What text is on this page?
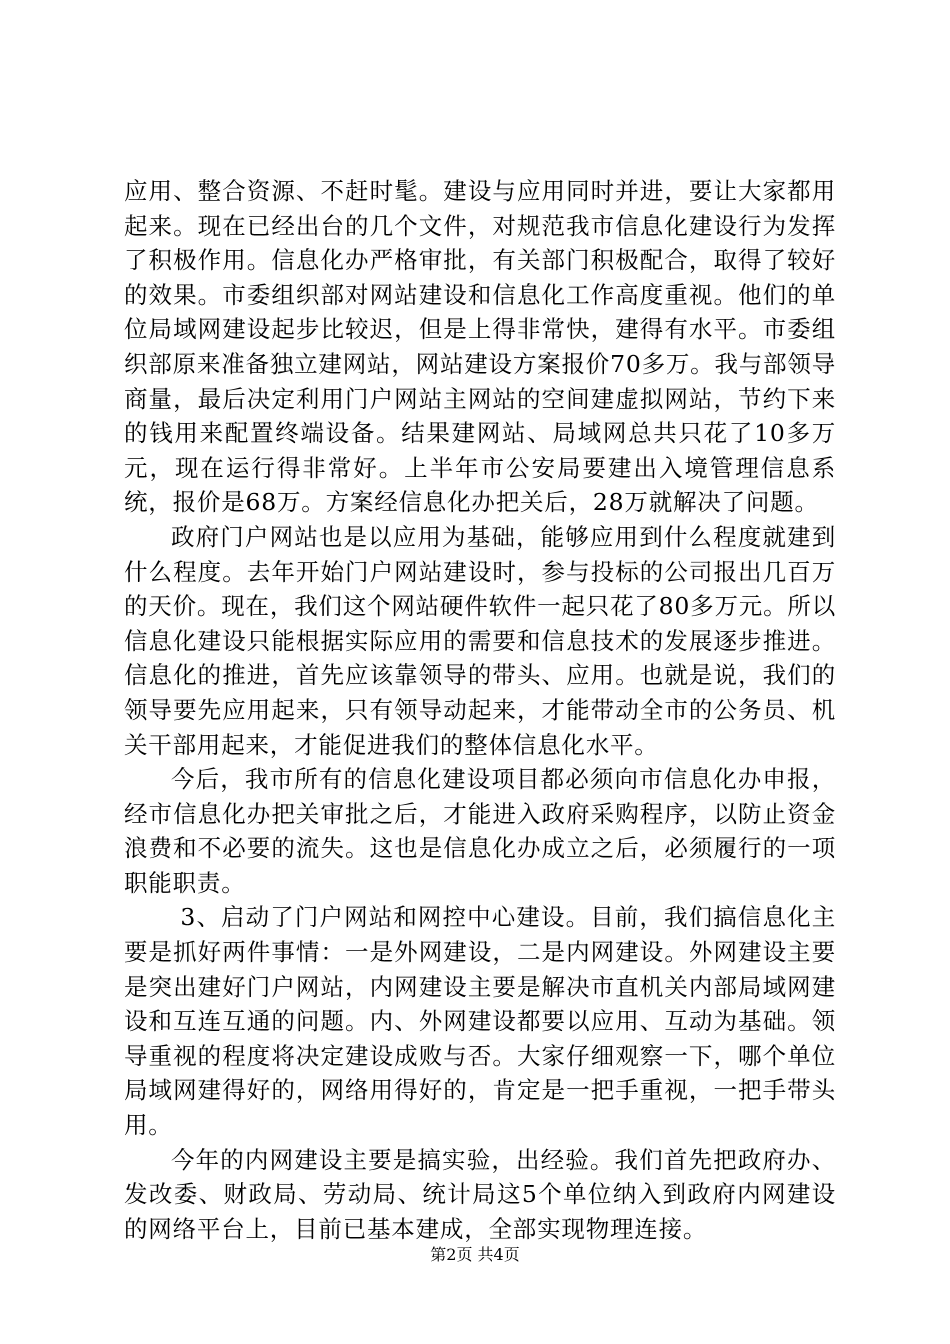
应用、整合资源、不赶时髦。建设与应用同时并进，要让大家都用起来。现在已经出台的几个文件，对规范我市信息化建设行为发挥了积极作用。信息化办严格审批，有关部门积极配合，取得了较好的效果。市委组织部对网站建设和信息化工作高度重视。他们的单位局域网建设起步比较迟，但是上得非常快，建得有水平。市委组织部原来准备独立建网站，网站建设方案报价70多万。我与部领导商量，最后决定利用门户网站主网站的空间建虚拟网站，节约下来的钱用来配置终端设备。结果建网站、局域网总共只花了10多万元，现在运行得非常好。上半年市公安局要建出入境管理信息系统，报价是68万。方案经信息化办把关后，28万就解决了问题。

政府门户网站也是以应用为基础，能够应用到什么程度就建到什么程度。去年开始门户网站建设时，参与投标的公司报出几百万的天价。现在，我们这个网站硬件软件一起只花了80多万元。所以信息化建设只能根据实际应用的需要和信息技术的发展逐步推进。信息化的推进，首先应该靠领导的带头、应用。也就是说，我们的领导要先应用起来，只有领导动起来，才能带动全市的公务员、机关干部用起来，才能促进我们的整体信息化水平。

今后，我市所有的信息化建设项目都必须向市信息化办申报，经市信息化办把关审批之后，才能进入政府采购程序，以防止资金浪费和不必要的流失。这也是信息化办成立之后，必须履行的一项职能职责。

3、启动了门户网站和网控中心建设。目前，我们搞信息化主要是抓好两件事情：一是外网建设，二是内网建设。外网建设主要是突出建好门户网站，内网建设主要是解决市直机关内部局域网建设和互连互通的问题。内、外网建设都要以应用、互动为基础。领导重视的程度将决定建设成败与否。大家仔细观察一下，哪个单位局域网建得好的，网络用得好的，肯定是一把手重视，一把手带头用。

今年的内网建设主要是搞实验，出经验。我们首先把政府办、发改委、财政局、劳动局、统计局这5个单位纳入到政府内网建设的网络平台上，目前已基本建成，全部实现物理连接。

第2页 共4页
